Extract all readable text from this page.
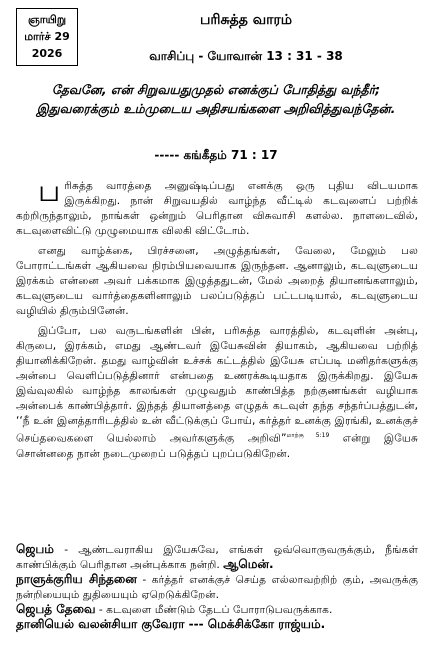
ஞாயிறு
மார்ச் 29
2026
பரிசுத்த வாரம்
வாசிப்பு - யோவான் 13 : 31 - 38
தேவனே, என் சிறுவயதுமுதல் எனக்குப் போதித்து வந்தீர்; இதுவரைக்கும் உம்முடைய அதிசயங்களை அறிவித்துவந்தேன்.
----- கங்கீதம் 71 : 17

பரிசுத்த வாரத்தை அனுஷ்டிப்பது எனக்கு ஒரு புதிய விடயமாக இருக்கிறது. நான் சிறுவயதில் வாழ்ந்த வீட்டில் கடவுளைப் பற்றிக் கற்றிருந்தாலும், நாங்கள் ஒன்றும் பெரிதான விசுவாசி களல்ல. நாளடைவில், கடவுளைவிட்டு முழுமையாக விலகி விட்டோம்.

எனது வாழ்க்கை, பிரச்சனை, அழுத்தங்கள், வேலை, மேலும் பல போராட்டங்கள் ஆகியவை நிரம்பியவையாக இருந்தன. ஆனாலும், கடவுளுடைய இரக்கம் என்னை அவர் பக்கமாக இழுத்ததுடன், மேல் அறைத் தியானங்களாலும், கடவுளுடைய வார்த்தைகளினாலும் பலப்படுத்தப் பட்டபடியால், கடவுளுடைய வழியில் திரும்பினேன்.

இப்போ, பல வருடங்களின் பின், பரிசுத்த வாரத்தில், கடவுளின் அன்பு, கிருபை, இரக்கம், எமது ஆண்டவர் இயேசுவின் தியாகம், ஆகியவை பற்றித் தியானிக்கிறேன். தமது வாழ்வின் உச்சக் கட்டத்தில் இயேசு எப்படி மனிதர்களுக்கு அன்பை வெளிப்படுத்தினார் என்பதை உணரக்கூடியதாக இருக்கிறது. இயேசு இவ்வுலகில் வாழ்ந்த காலங்கள் முழுவதும் காண்பித்த நற்குணங்கள் வழியாக அன்பைக் காண்பித்தார். இந்தத் தியானத்தை எழுதக் கடவுள் தந்த சந்தர்ப்பத்துடன், ‘‘நீ உன் இனத்தாரிடத்தில் உன் வீட்டுக்குப் போய், கர்த்தர் உனக்கு இரங்கி, உனக்குச் செய்தவைகளை யெல்லாம் அவர்களுக்கு அறிவி”$^{மாற்கு 5:19}$ என்று இயேசு சொன்னதை நான் நடைமுறைப் படுத்தப் புறப்படுகிறேன்.

ஜெபம் - ஆண்டவராகிய இயேசுவே, எங்கள் ஒவ்வொருவருக்கும், நீங்கள் காண்பிக்கும் பெரிதான அன்புக்காக நன்றி. ஆமென்.

நாளுக்குரிய சிந்தனை - கர்த்தர் எனக்குச் செய்த எல்லாவற்றிற் கும், அவருக்கு நன்றியையும் துதியையும் ஏறெடுக்கிறேன்.

ஜெபத் தேவை - கடவுளை மீண்டும் தேடப் போராடுபவருக்காக.

தானியெல் வலன்சியா குவேரா --- மெக்சிக்கோ ராஜ்யம்.
